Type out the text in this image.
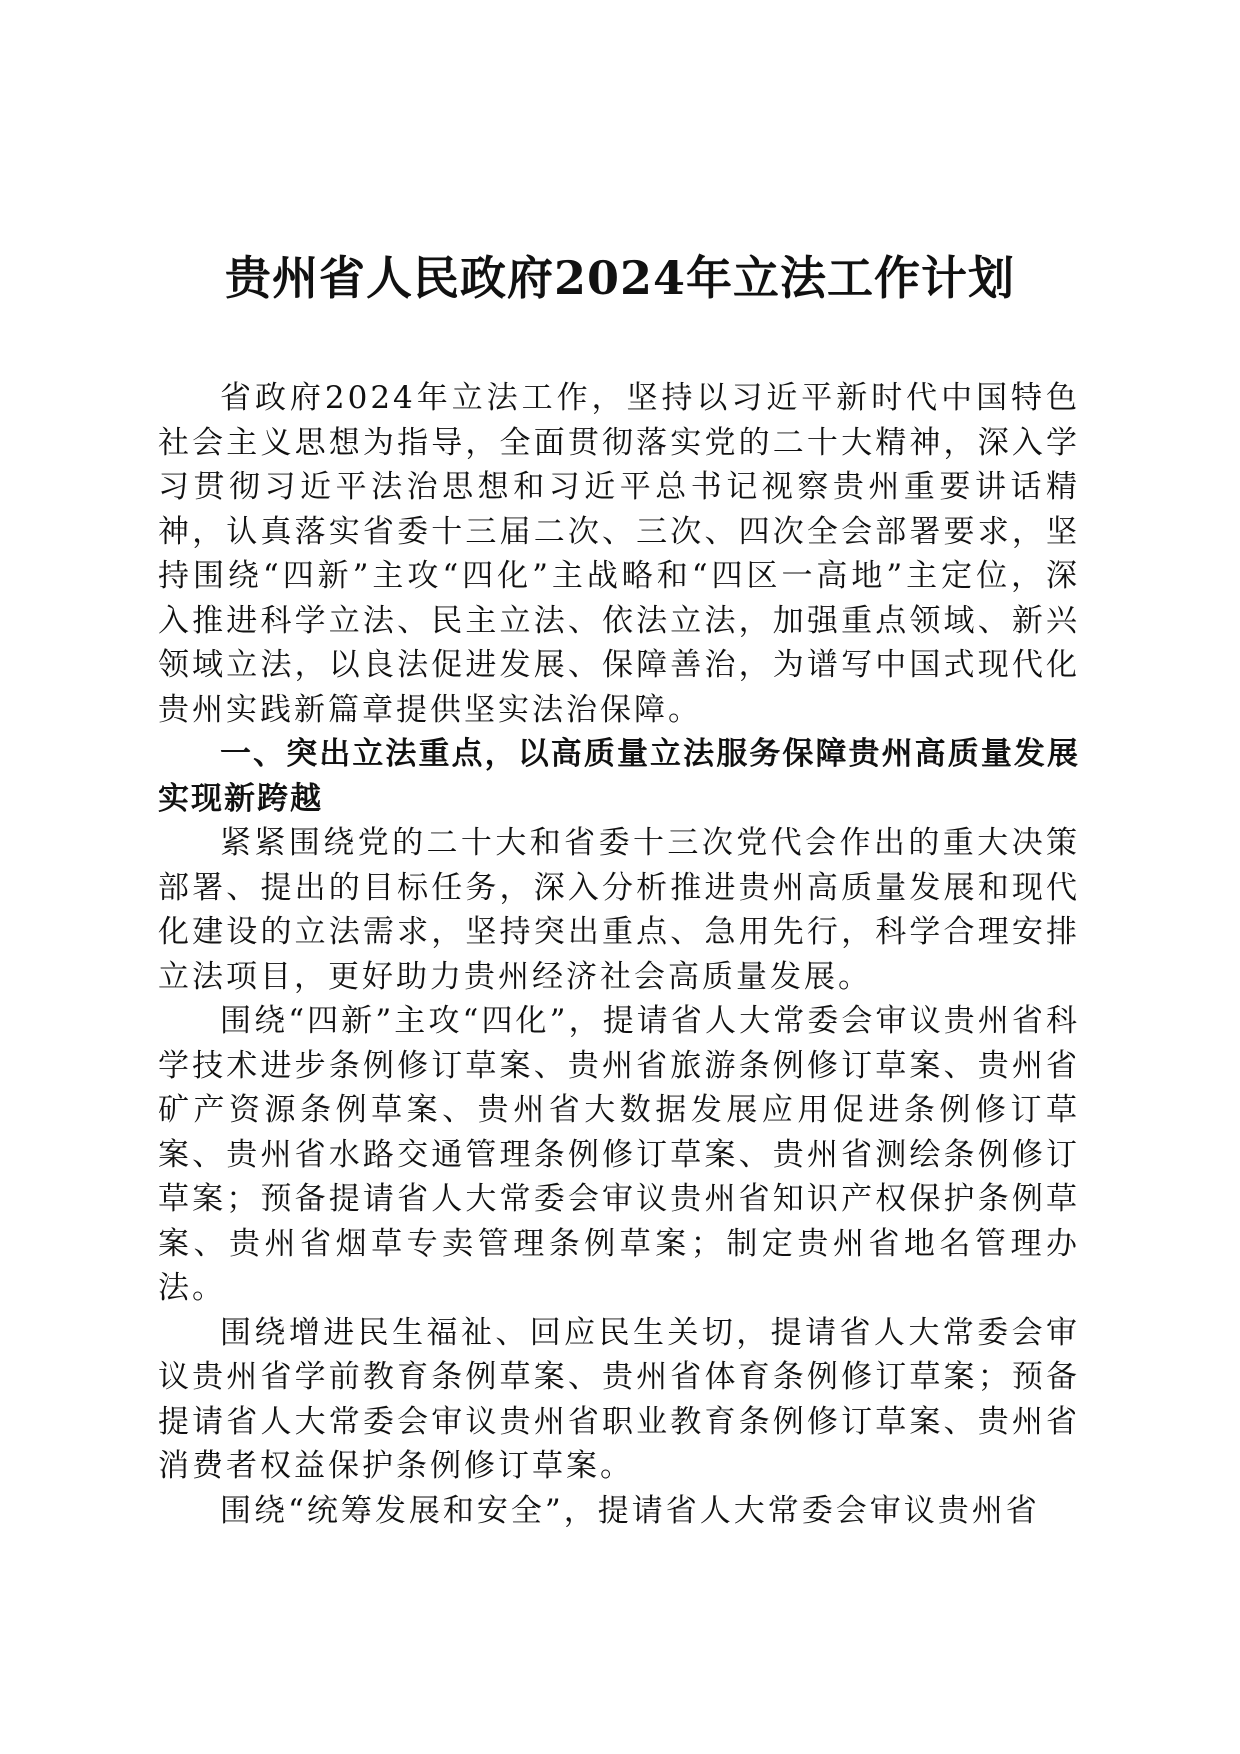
贵州省人民政府2024年立法工作计划

省政府2024年立法工作，坚持以习近平新时代中国特色社会主义思想为指导，全面贯彻落实党的二十大精神，深入学习贯彻习近平法治思想和习近平总书记视察贵州重要讲话精神，认真落实省委十三届二次、三次、四次全会部署要求，坚持围绕“四新”主攻“四化”主战略和“四区一高地”主定位，深入推进科学立法、民主立法、依法立法，加强重点领域、新兴领域立法，以良法促进发展、保障善治，为谱写中国式现代化贵州实践新篇章提供坚实法治保障。

一、突出立法重点，以高质量立法服务保障贵州高质量发展实现新跨越

紧紧围绕党的二十大和省委十三次党代会作出的重大决策部署、提出的目标任务，深入分析推进贵州高质量发展和现代化建设的立法需求，坚持突出重点、急用先行，科学合理安排立法项目，更好助力贵州经济社会高质量发展。

围绕“四新”主攻“四化”，提请省人大常委会审议贵州省科学技术进步条例修订草案、贵州省旅游条例修订草案、贵州省矿产资源条例草案、贵州省大数据发展应用促进条例修订草案、贵州省水路交通管理条例修订草案、贵州省测绘条例修订草案；预备提请省人大常委会审议贵州省知识产权保护条例草案、贵州省烟草专卖管理条例草案；制定贵州省地名管理办法。

围绕增进民生福祉、回应民生关切，提请省人大常委会审议贵州省学前教育条例草案、贵州省体育条例修订草案；预备提请省人大常委会审议贵州省职业教育条例修订草案、贵州省消费者权益保护条例修订草案。

围绕“统筹发展和安全”，提请省人大常委会审议贵州省
